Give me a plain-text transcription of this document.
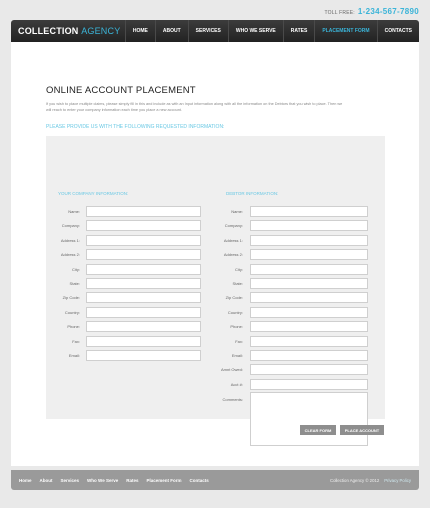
TOLL FREE: 1-234-567-7890
COLLECTION AGENCY	HOME	ABOUT	SERVICES	WHO WE SERVE	RATES	PLACEMENT FORM	CONTACTS
ONLINE ACCOUNT PLACEMENT
If you wish to place multiple claims, please simply fill in this and include as with an Input information along with all the information on the Debtors that you wish to place. Then we will reach to enter your company information each time you place a new account.
PLEASE PROVIDE US WITH THE FOLLOWING REQUESTED INFORMATION:
YOUR COMPANY INFORMATION:	DEBTOR INFORMATION:
Name:
Company:
Address 1:
Address 2:
City:
State:
Zip Code:
Country:
Phone:
Fax:
Email:
Name:
Company:
Address 1:
Address 2:
City:
State:
Zip Code:
Country:
Phone:
Fax:
Email:
Amnt Owed:
Acct #:
Comments:
CLEAR FORM	PLACE ACCOUNT
Home About Services Who We Serve Rates Placement Form Contacts	Collection Agency © 2012 Privacy Policy
